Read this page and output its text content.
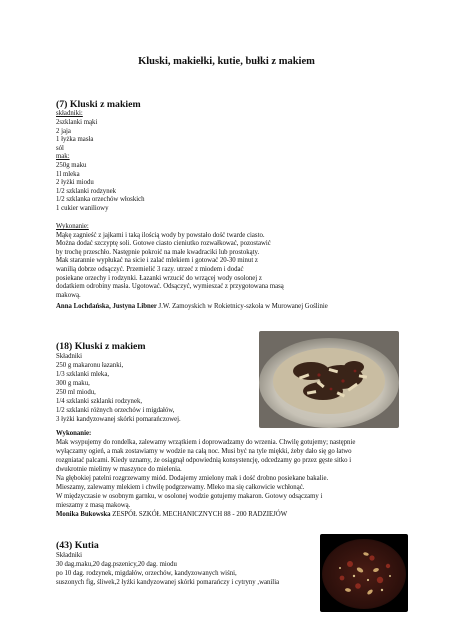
Kluski, makiełki, kutie, bułki z makiem
(7) Kluski z makiem
składniki:
2szklanki mąki
2 jaja
1 łyżka masła
sól
mak:
250g maku
1l mleka
2 łyżki miodu
1/2 szklanki rodzynek
1/2 szklanka orzechów włoskich
1 cukier waniliowy
Wykonanie:
Mąkę zagnieść z jajkami i taką ilością wody by powstało dość twarde ciasto.
Można dodać szczyptę soli. Gotowe ciasto cieniutko rozwałkować, pozostawić
by trochę przeschło. Następnie pokroić na małe kwadraciki lub prostokąty.
Mak starannie wypłukać na sicie i zalać mlekiem i gotować 20-30 minut z
wanilią dobrze odsączyć. Przemielić 3 razy. utrzeć z miodem i dodać
posiekane orzechy i rodzynki. Łazanki wrzucić do wrzącej wody osolonej z
dodatkiem odrobiny masła. Ugotować. Odsączyć, wymieszać z przygotowana masą
makową.
Anna Lochdańska, Justyna Libner J.W. Zamoyskich w Rokietnicy-szkoła w Murowanej Goślinie
(18) Kluski z makiem
Składniki
250 g makaronu łazanki,
1/3 szklanki mleka,
300 g maku,
250 ml miodu,
1/4 szklanki szklanki rodzynek,
1/2 szklanki różnych orzechów i migdałów,
3 łyżki kandyzowanej skórki pomarańczowej.
Wykonanie:
Mak wsypujemy do rondelka, zalewamy wrzątkiem i doprowadzamy do wrzenia. Chwilę gotujemy; następnie
wyłączamy ogień, a mak zostawiamy w wodzie na całą noc. Musi być na tyle miękki, żeby dało się go łatwo
rozgniatać palcami. Kiedy uznamy, że osiągnął odpowiednią konsystencję, odcedzamy go przez gęste sitko i
dwukrotnie mielimy w maszynce do mielenia.
Na głębokiej patelni rozgrzewamy miód. Dodajemy zmielony mak i dość drobno posiekane bakalie.
Mieszamy, zalewamy mlekiem i chwilę podgrzewamy. Mleko ma się całkowicie wchłonąć.
W międzyczasie w osobnym garnku, w osolonej wodzie gotujemy makaron. Gotowy odsączamy i
mieszamy z masą makową.
Monika Bukowska ZESPÓŁ SZKÓŁ MECHANICZNYCH 88 - 200 RADZIEJÓW
(43) Kutia
Składniki
30 dag.maku,20 dag.pszenicy,20 dag. miodu
po 10 dag. rodzynek, migdałów, orzechów, kandyzowanych wiśni,
suszonych fig, śliwek,2 łyżki kandyzowanej skórki pomarańczy i cytryny ,wanilia
